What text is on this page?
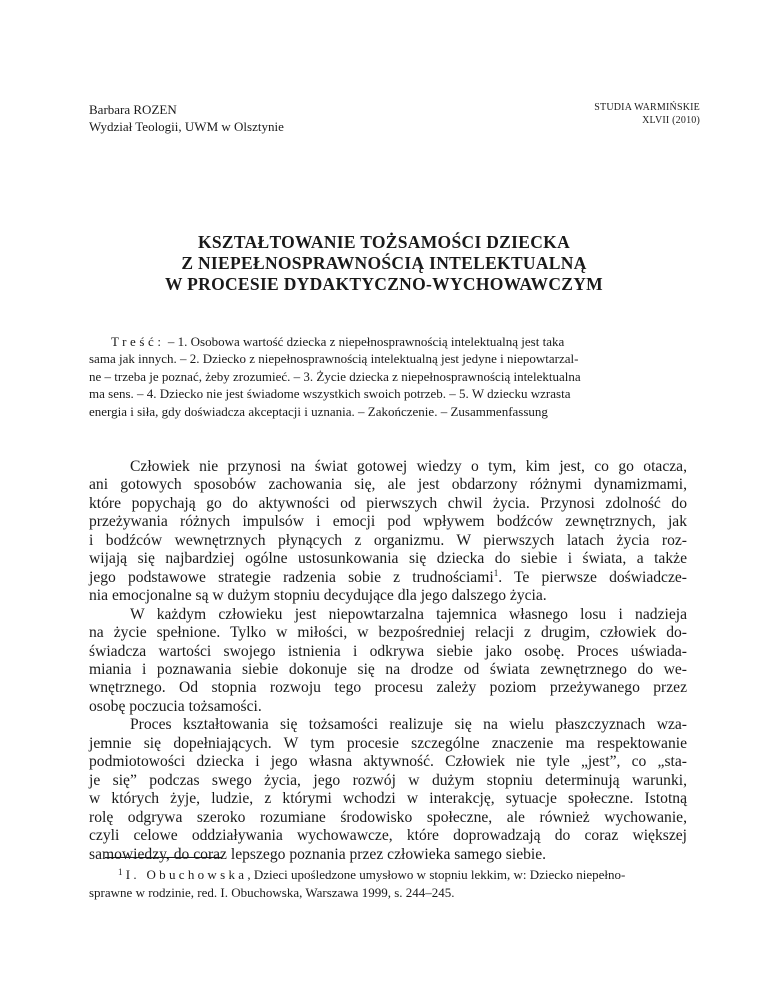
Barbara ROZEN
Wydział Teologii, UWM w Olsztynie
STUDIA WARMIŃSKIE
XLVII (2010)
KSZTAŁTOWANIE TOŻSAMOŚCI DZIECKA
Z NIEPEŁNOSPRAWNOŚCIĄ INTELEKTUALNĄ
W PROCESIE DYDAKTYCZNO-WYCHOWAWCZYM
Treść: – 1. Osobowa wartość dziecka z niepełnosprawnością intelektualną jest taka
sama jak innych. – 2. Dziecko z niepełnosprawnością intelektualną jest jedyne i niepowtarzal-
ne – trzeba je poznać, żeby zrozumieć. – 3. Życie dziecka z niepełnosprawnością intelektualna
ma sens. – 4. Dziecko nie jest świadome wszystkich swoich potrzeb. – 5. W dziecku wzrasta
energia i siła, gdy doświadcza akceptacji i uznania. – Zakończenie. – Zusammenfassung
Człowiek nie przynosi na świat gotowej wiedzy o tym, kim jest, co go otacza,
ani gotowych sposobów zachowania się, ale jest obdarzony różnymi dynamizmami,
które popychają go do aktywności od pierwszych chwil życia. Przynosi zdolność do
przeżywania różnych impulsów i emocji pod wpływem bodźców zewnętrznych, jak
i bodźców wewnętrznych płynących z organizmu. W pierwszych latach życia roz-
wijają się najbardziej ogólne ustosunkowania się dziecka do siebie i świata, a także
jego podstawowe strategie radzenia sobie z trudnościami$^1$. Te pierwsze doświadcze-
nia emocjonalne są w dużym stopniu decydujące dla jego dalszego życia.
W każdym człowieku jest niepowtarzalna tajemnica własnego losu i nadzieja
na życie spełnione. Tylko w miłości, w bezpośredniej relacji z drugim, człowiek do-
świadcza wartości swojego istnienia i odkrywa siebie jako osobę. Proces uświada-
miania i poznawania siebie dokonuje się na drodze od świata zewnętrznego do we-
wnętrznego. Od stopnia rozwoju tego procesu zależy poziom przeżywanego przez
osobę poczucia tożsamości.
Proces kształtowania się tożsamości realizuje się na wielu płaszczyznach wza-
jemnie się dopełniających. W tym procesie szczególne znaczenie ma respektowanie
podmiotowości dziecka i jego własna aktywność. Człowiek nie tyle „jest”, co „sta-
je się” podczas swego życia, jego rozwój w dużym stopniu determinują warunki,
w których żyje, ludzie, z którymi wchodzi w interakcję, sytuacje społeczne. Istotną
rolę odgrywa szeroko rozumiane środowisko społeczne, ale również wychowanie,
czyli celowe oddziaływania wychowawcze, które doprowadzają do coraz większej
samowiedzy, do coraz lepszego poznania przez człowieka samego siebie.
$^1$ I. Obuchowska, Dzieci upośledzone umysłowo w stopniu lekkim, w: Dziecko niepełno-
sprawne w rodzinie, red. I. Obuchowska, Warszawa 1999, s. 244–245.
